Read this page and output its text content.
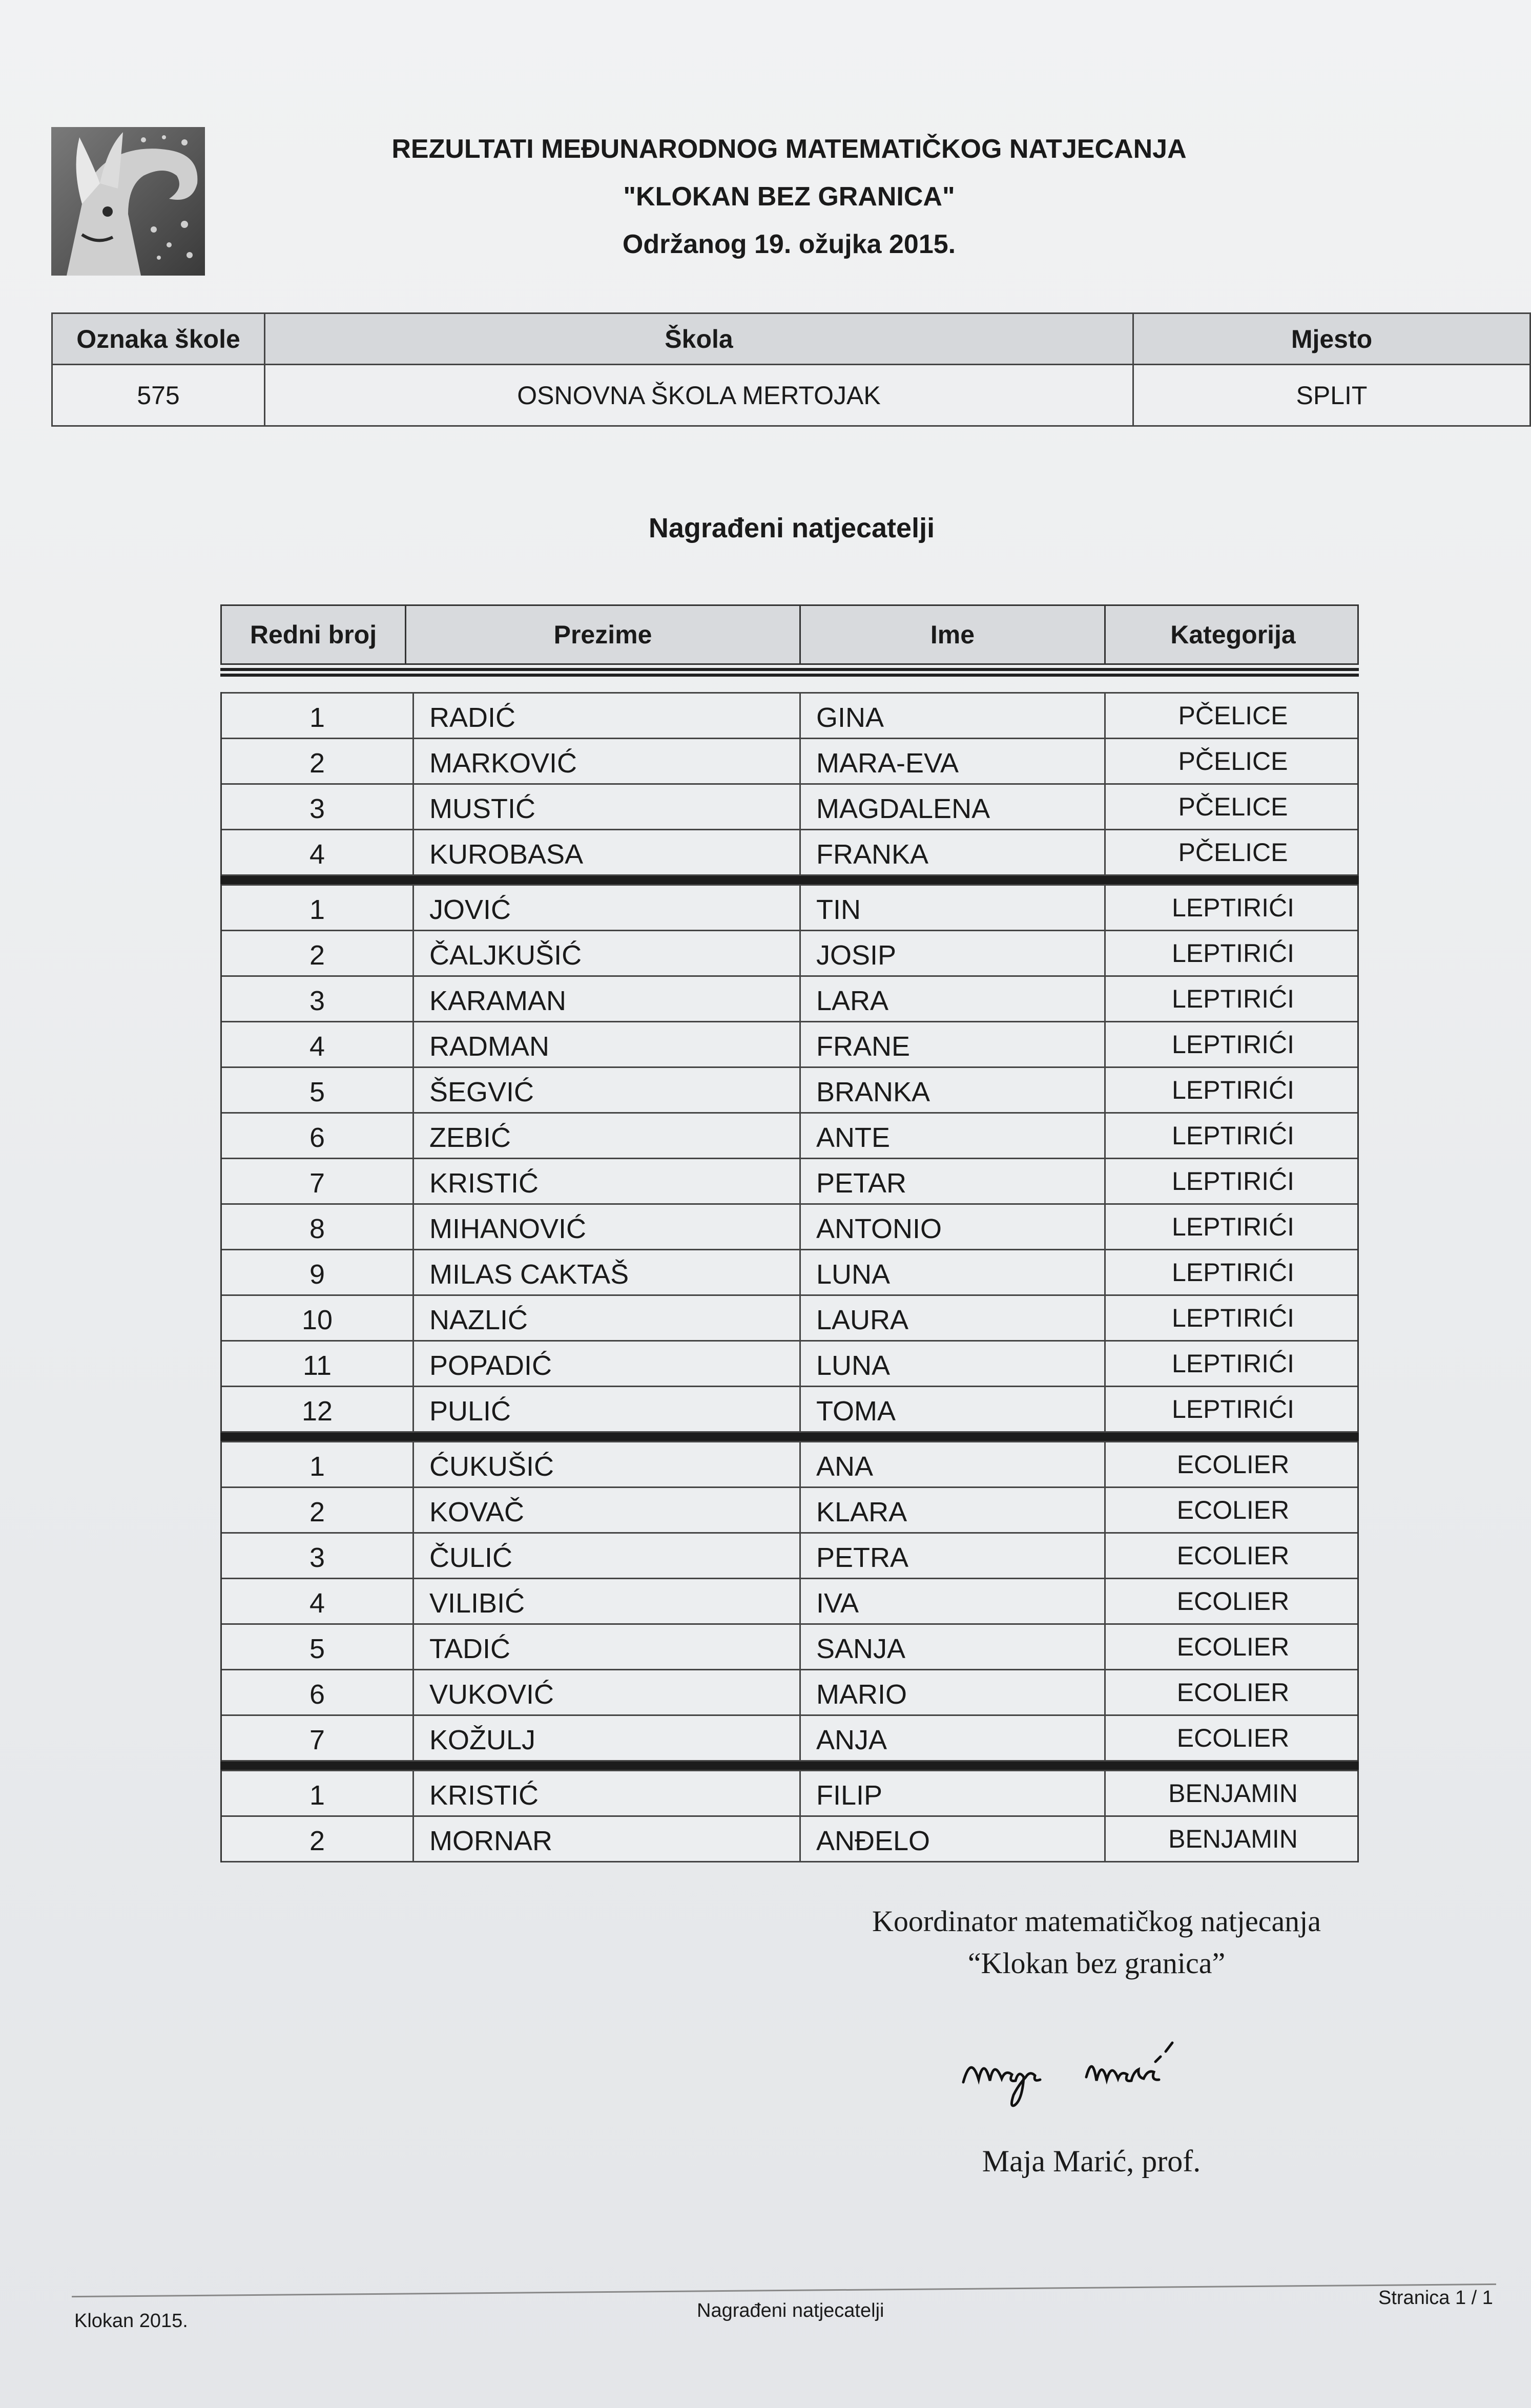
REZULTATI MEĐUNARODNOG MATEMATIČKOG NATJECANJA
"KLOKAN BEZ GRANICA"
Održanog 19. ožujka 2015.
Oznaka škole	Škola	Mjesto
575	OSNOVNA ŠKOLA MERTOJAK	SPLIT
Nagrađeni natjecatelji
Redni broj	Prezime	Ime	Kategorija
1	RADIĆ	GINA	PČELICE
2	MARKOVIĆ	MARA-EVA	PČELICE
3	MUSTIĆ	MAGDALENA	PČELICE
4	KUROBASA	FRANKA	PČELICE
1	JOVIĆ	TIN	LEPTIRIĆI
2	ČALJKUŠIĆ	JOSIP	LEPTIRIĆI
3	KARAMAN	LARA	LEPTIRIĆI
4	RADMAN	FRANE	LEPTIRIĆI
5	ŠEGVIĆ	BRANKA	LEPTIRIĆI
6	ZEBIĆ	ANTE	LEPTIRIĆI
7	KRISTIĆ	PETAR	LEPTIRIĆI
8	MIHANOVIĆ	ANTONIO	LEPTIRIĆI
9	MILAS CAKTAŠ	LUNA	LEPTIRIĆI
10	NAZLIĆ	LAURA	LEPTIRIĆI
11	POPADIĆ	LUNA	LEPTIRIĆI
12	PULIĆ	TOMA	LEPTIRIĆI
1	ĆUKUŠIĆ	ANA	ECOLIER
2	KOVAČ	KLARA	ECOLIER
3	ČULIĆ	PETRA	ECOLIER
4	VILIBIĆ	IVA	ECOLIER
5	TADIĆ	SANJA	ECOLIER
6	VUKOVIĆ	MARIO	ECOLIER
7	KOŽULJ	ANJA	ECOLIER
1	KRISTIĆ	FILIP	BENJAMIN
2	MORNAR	ANĐELO	BENJAMIN
Koordinator matematičkog natjecanja
“Klokan bez granica”
Maja Marić, prof.
Klokan 2015.	Nagrađeni natjecatelji
Stranica 1 / 1
